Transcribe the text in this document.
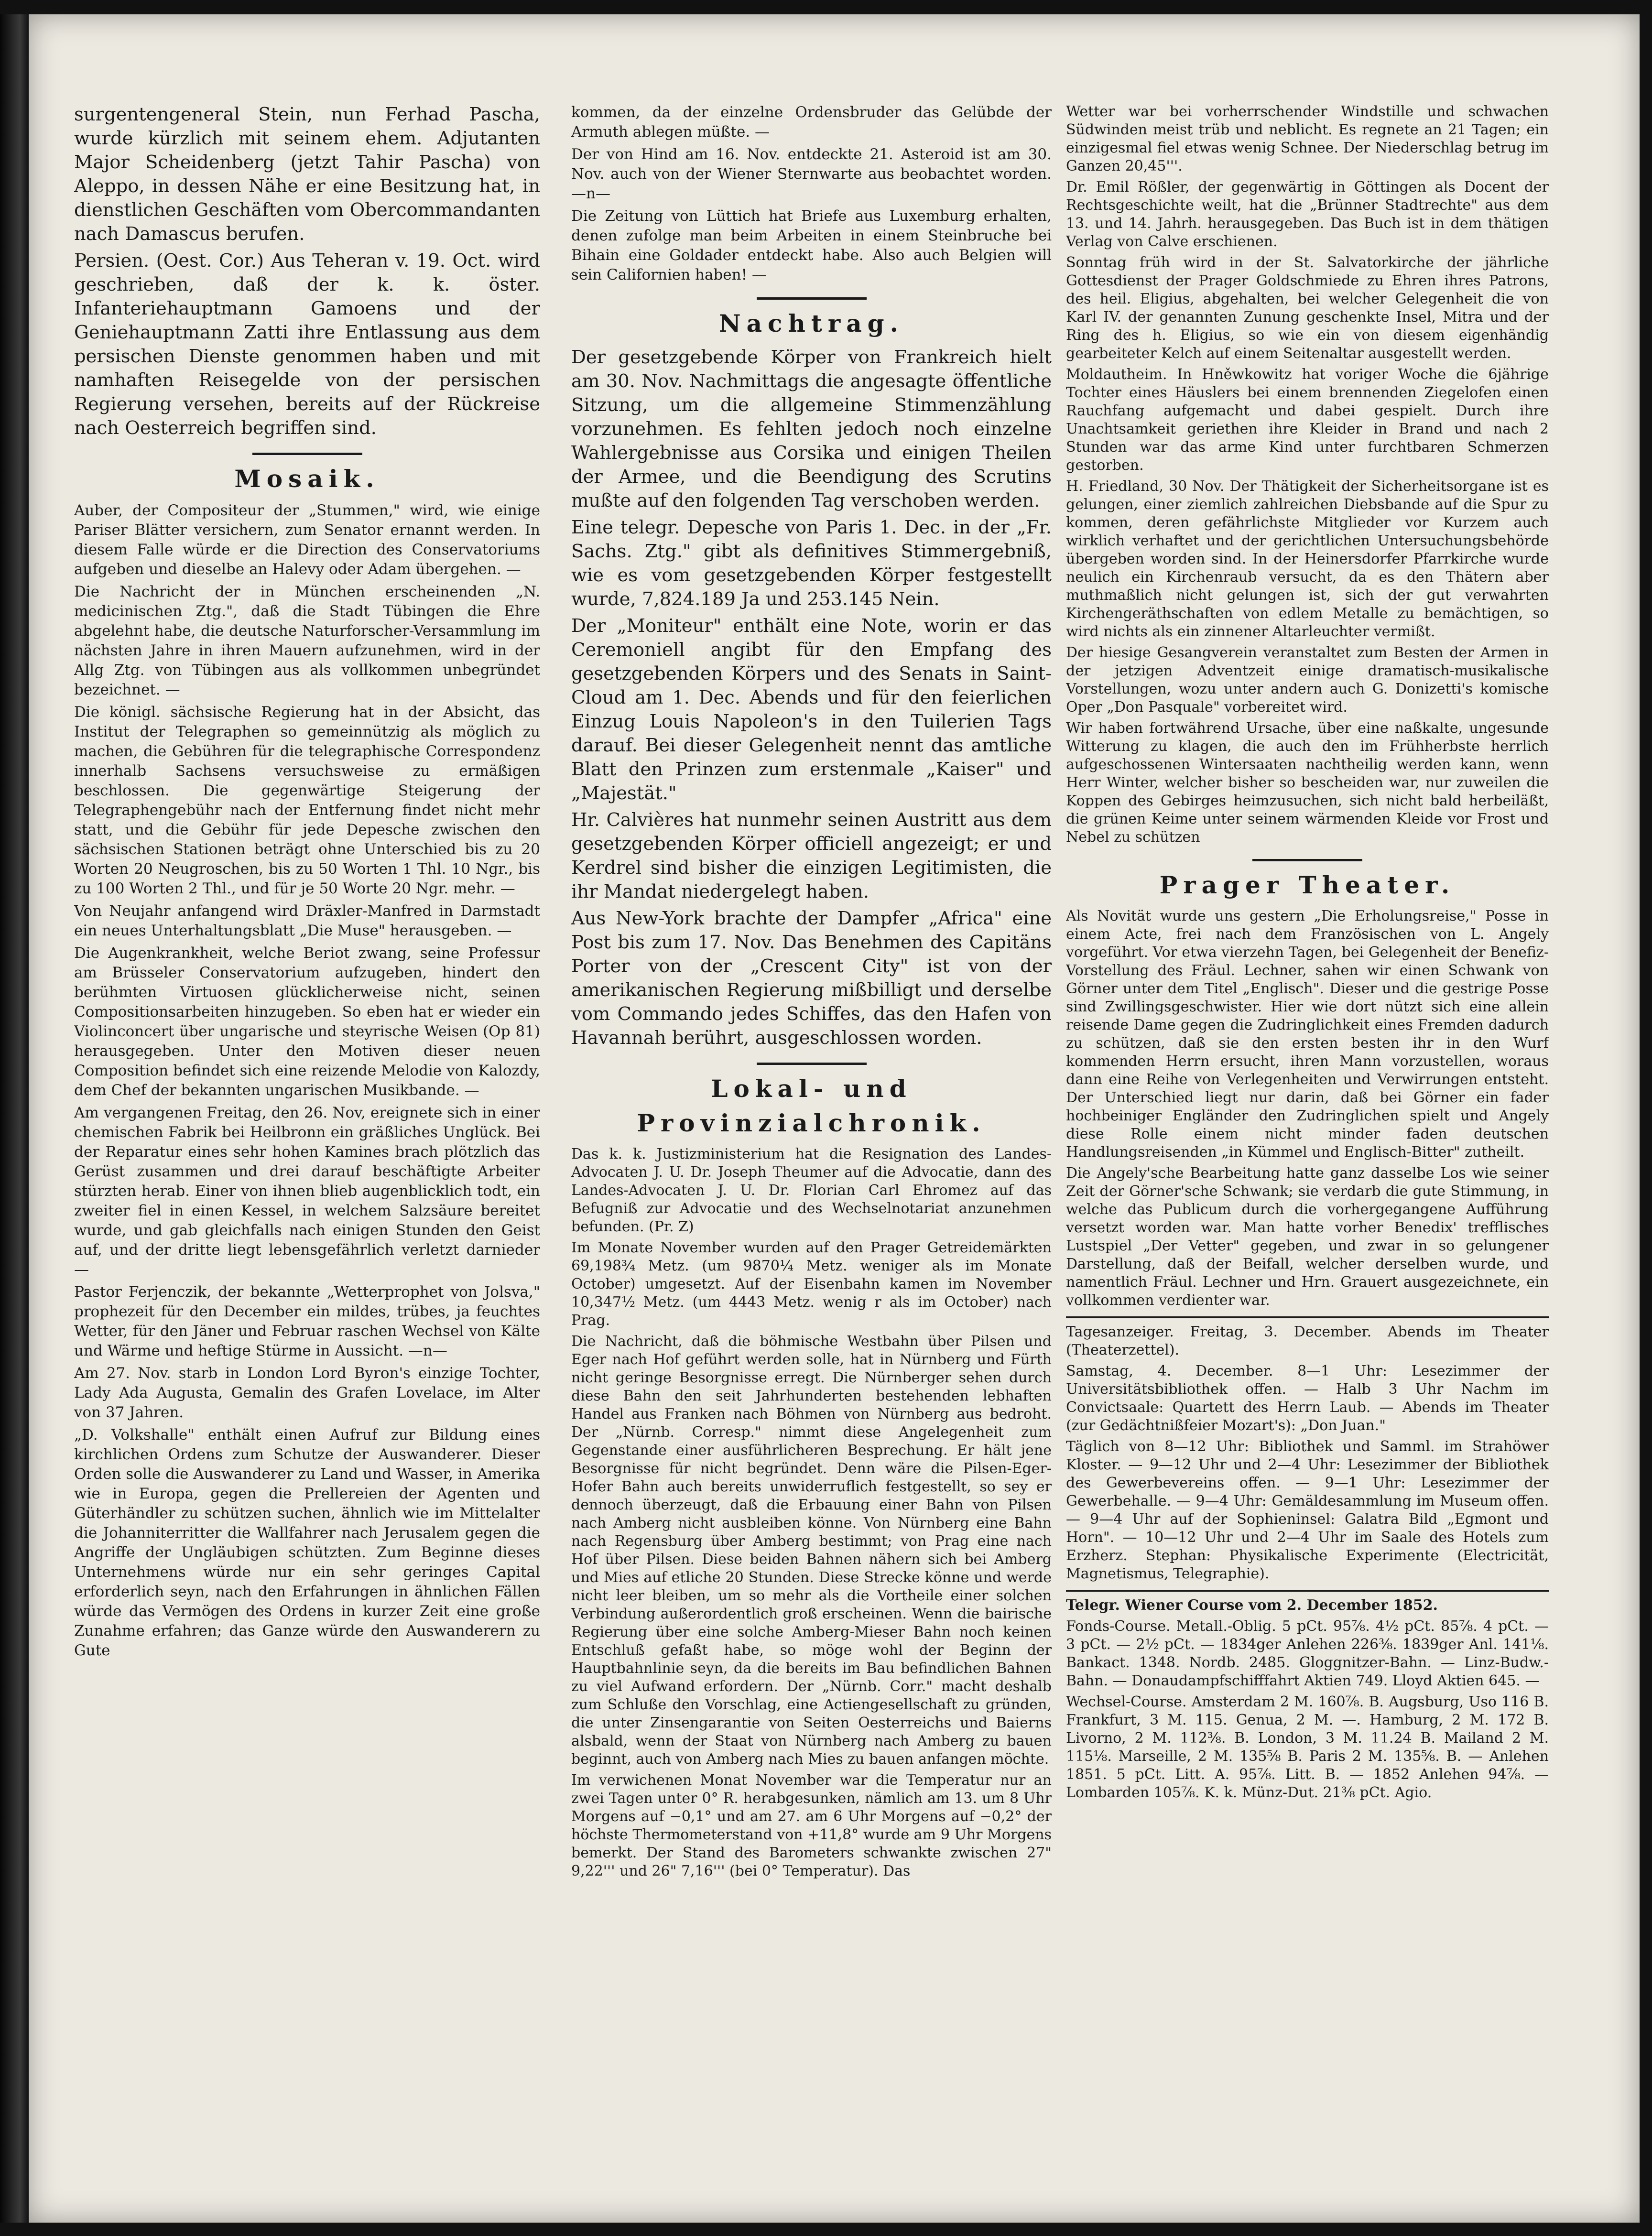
surgentengeneral Stein, nun Ferhad Pascha, wurde kürzlich mit seinem ehem. Adjutanten Major Scheidenberg (jetzt Tahir Pascha) von Aleppo, in dessen Nähe er eine Besitzung hat, in dienstlichen Geschäften vom Obercommandanten nach Damascus berufen.

Persien. (Oest. Cor.) Aus Teheran v. 19. Oct. wird geschrieben, daß der k. k. öster. Infanteriehauptmann Gamoens und der Geniehauptmann Zatti ihre Entlassung aus dem persischen Dienste genommen haben und mit namhaften Reisegelde von der persischen Regierung versehen, bereits auf der Rückreise nach Oesterreich begriffen sind.

Mosaik.

Auber, der Compositeur der „Stummen," wird, wie einige Pariser Blätter versichern, zum Senator ernannt werden. In diesem Falle würde er die Direction des Conservatoriums aufgeben und dieselbe an Halevy oder Adam übergehen. —

Die Nachricht der in München erscheinenden „N. medicinischen Ztg.", daß die Stadt Tübingen die Ehre abgelehnt habe, die deutsche Naturforscher-Versammlung im nächsten Jahre in ihren Mauern aufzunehmen, wird in der Allg Ztg. von Tübingen aus als vollkommen unbegründet bezeichnet. —

Die königl. sächsische Regierung hat in der Absicht, das Institut der Telegraphen so gemeinnützig als möglich zu machen, die Gebühren für die telegraphische Correspondenz innerhalb Sachsens versuchsweise zu ermäßigen beschlossen. Die gegenwärtige Steigerung der Telegraphengebühr nach der Entfernung findet nicht mehr statt, und die Gebühr für jede Depesche zwischen den sächsischen Stationen beträgt ohne Unterschied bis zu 20 Worten 20 Neugroschen, bis zu 50 Worten 1 Thl. 10 Ngr., bis zu 100 Worten 2 Thl., und für je 50 Worte 20 Ngr. mehr. —

Von Neujahr anfangend wird Dräxler-Manfred in Darmstadt ein neues Unterhaltungsblatt „Die Muse" herausgeben. —

Die Augenkrankheit, welche Beriot zwang, seine Professur am Brüsseler Conservatorium aufzugeben, hindert den berühmten Virtuosen glücklicherweise nicht, seinen Compositionsarbeiten hinzugeben. So eben hat er wieder ein Violinconcert über ungarische und steyrische Weisen (Op 81) herausgegeben. Unter den Motiven dieser neuen Composition befindet sich eine reizende Melodie von Kalozdy, dem Chef der bekannten ungarischen Musikbande. —

Am vergangenen Freitag, den 26. Nov, ereignete sich in einer chemischen Fabrik bei Heilbronn ein gräßliches Unglück. Bei der Reparatur eines sehr hohen Kamines brach plötzlich das Gerüst zusammen und drei darauf beschäftigte Arbeiter stürzten herab. Einer von ihnen blieb augenblicklich todt, ein zweiter fiel in einen Kessel, in welchem Salzsäure bereitet wurde, und gab gleichfalls nach einigen Stunden den Geist auf, und der dritte liegt lebensgefährlich verletzt darnieder —

Pastor Ferjenczik, der bekannte „Wetterprophet von Jolsva," prophezeit für den December ein mildes, trübes, ja feuchtes Wetter, für den Jäner und Februar raschen Wechsel von Kälte und Wärme und heftige Stürme in Aussicht. —n—

Am 27. Nov. starb in London Lord Byron's einzige Tochter, Lady Ada Augusta, Gemalin des Grafen Lovelace, im Alter von 37 Jahren.

„D. Volkshalle" enthält einen Aufruf zur Bildung eines kirchlichen Ordens zum Schutze der Auswanderer. Dieser Orden solle die Auswanderer zu Land und Wasser, in Amerika wie in Europa, gegen die Prellereien der Agenten und Güterhändler zu schützen suchen, ähnlich wie im Mittelalter die Johanniterritter die Wallfahrer nach Jerusalem gegen die Angriffe der Ungläubigen schützten. Zum Beginne dieses Unternehmens würde nur ein sehr geringes Capital erforderlich seyn, nach den Erfahrungen in ähnlichen Fällen würde das Vermögen des Ordens in kurzer Zeit eine große Zunahme erfahren; das Ganze würde den Auswanderern zu Gute

kommen, da der einzelne Ordensbruder das Gelübde der Armuth ablegen müßte. —

Der von Hind am 16. Nov. entdeckte 21. Asteroid ist am 30. Nov. auch von der Wiener Sternwarte aus beobachtet worden. —n—

Die Zeitung von Lüttich hat Briefe aus Luxemburg erhalten, denen zufolge man beim Arbeiten in einem Steinbruche bei Bihain eine Goldader entdeckt habe. Also auch Belgien will sein Californien haben! —

Nachtrag.

Der gesetzgebende Körper von Frankreich hielt am 30. Nov. Nachmittags die angesagte öffentliche Sitzung, um die allgemeine Stimmenzählung vorzunehmen. Es fehlten jedoch noch einzelne Wahlergebnisse aus Corsika und einigen Theilen der Armee, und die Beendigung des Scrutins mußte auf den folgenden Tag verschoben werden.

Eine telegr. Depesche von Paris 1. Dec. in der „Fr. Sachs. Ztg." gibt als definitives Stimmergebniß, wie es vom gesetzgebenden Körper festgestellt wurde, 7,824.189 Ja und 253.145 Nein.

Der „Moniteur" enthält eine Note, worin er das Ceremoniell angibt für den Empfang des gesetzgebenden Körpers und des Senats in Saint-Cloud am 1. Dec. Abends und für den feierlichen Einzug Louis Napoleon's in den Tuilerien Tags darauf. Bei dieser Gelegenheit nennt das amtliche Blatt den Prinzen zum erstenmale „Kaiser" und „Majestät."

Hr. Calvières hat nunmehr seinen Austritt aus dem gesetzgebenden Körper officiell angezeigt; er und Kerdrel sind bisher die einzigen Legitimisten, die ihr Mandat niedergelegt haben.

Aus New-York brachte der Dampfer „Africa" eine Post bis zum 17. Nov. Das Benehmen des Capitäns Porter von der „Crescent City" ist von der amerikanischen Regierung mißbilligt und derselbe vom Commando jedes Schiffes, das den Hafen von Havannah berührt, ausgeschlossen worden.

Lokal- und Provinzialchronik.

Das k. k. Justizministerium hat die Resignation des Landes-Advocaten J. U. Dr. Joseph Theumer auf die Advocatie, dann des Landes-Advocaten J. U. Dr. Florian Carl Ehromez auf das Befugniß zur Advocatie und des Wechselnotariat anzunehmen befunden. (Pr. Z)

Im Monate November wurden auf den Prager Getreidemärkten 69,198¾ Metz. (um 9870¼ Metz. weniger als im Monate October) umgesetzt. Auf der Eisenbahn kamen im November 10,347½ Metz. (um 4443 Metz. wenig r als im October) nach Prag.

Die Nachricht, daß die böhmische Westbahn über Pilsen und Eger nach Hof geführt werden solle, hat in Nürnberg und Fürth nicht geringe Besorgnisse erregt. Die Nürnberger sehen durch diese Bahn den seit Jahrhunderten bestehenden lebhaften Handel aus Franken nach Böhmen von Nürnberg aus bedroht. Der „Nürnb. Corresp." nimmt diese Angelegenheit zum Gegenstande einer ausführlicheren Besprechung. Er hält jene Besorgnisse für nicht begründet. Denn wäre die Pilsen-Eger-Hofer Bahn auch bereits unwiderruflich festgestellt, so sey er dennoch überzeugt, daß die Erbauung einer Bahn von Pilsen nach Amberg nicht ausbleiben könne. Von Nürnberg eine Bahn nach Regensburg über Amberg bestimmt; von Prag eine nach Hof über Pilsen. Diese beiden Bahnen nähern sich bei Amberg und Mies auf etliche 20 Stunden. Diese Strecke könne und werde nicht leer bleiben, um so mehr als die Vortheile einer solchen Verbindung außerordentlich groß erscheinen. Wenn die bairische Regierung über eine solche Amberg-Mieser Bahn noch keinen Entschluß gefaßt habe, so möge wohl der Beginn der Hauptbahnlinie seyn, da die bereits im Bau befindlichen Bahnen zu viel Aufwand erfordern. Der „Nürnb. Corr." macht deshalb zum Schluße den Vorschlag, eine Actiengesellschaft zu gründen, die unter Zinsengarantie von Seiten Oesterreichs und Baierns alsbald, wenn der Staat von Nürnberg nach Amberg zu bauen beginnt, auch von Amberg nach Mies zu bauen anfangen möchte.

Im verwichenen Monat November war die Temperatur nur an zwei Tagen unter 0° R. herabgesunken, nämlich am 13. um 8 Uhr Morgens auf −0,1° und am 27. am 6 Uhr Morgens auf −0,2° der höchste Thermometerstand von +11,8° wurde am 9 Uhr Morgens bemerkt. Der Stand des Barometers schwankte zwischen 27" 9,22''' und 26" 7,16''' (bei 0° Temperatur). Das

Wetter war bei vorherrschender Windstille und schwachen Südwinden meist trüb und neblicht. Es regnete an 21 Tagen; ein einzigesmal fiel etwas wenig Schnee. Der Niederschlag betrug im Ganzen 20,45'''.

Dr. Emil Rößler, der gegenwärtig in Göttingen als Docent der Rechtsgeschichte weilt, hat die „Brünner Stadtrechte" aus dem 13. und 14. Jahrh. herausgegeben. Das Buch ist in dem thätigen Verlag von Calve erschienen.

Sonntag früh wird in der St. Salvatorkirche der jährliche Gottesdienst der Prager Goldschmiede zu Ehren ihres Patrons, des heil. Eligius, abgehalten, bei welcher Gelegenheit die von Karl IV. der genannten Zunung geschenkte Insel, Mitra und der Ring des h. Eligius, so wie ein von diesem eigenhändig gearbeiteter Kelch auf einem Seitenaltar ausgestellt werden.

Moldautheim. In Hněwkowitz hat voriger Woche die 6jährige Tochter eines Häuslers bei einem brennenden Ziegelofen einen Rauchfang aufgemacht und dabei gespielt. Durch ihre Unachtsamkeit geriethen ihre Kleider in Brand und nach 2 Stunden war das arme Kind unter furchtbaren Schmerzen gestorben.

H. Friedland, 30 Nov. Der Thätigkeit der Sicherheitsorgane ist es gelungen, einer ziemlich zahlreichen Diebsbande auf die Spur zu kommen, deren gefährlichste Mitglieder vor Kurzem auch wirklich verhaftet und der gerichtlichen Untersuchungsbehörde übergeben worden sind. In der Heinersdorfer Pfarrkirche wurde neulich ein Kirchenraub versucht, da es den Thätern aber muthmaßlich nicht gelungen ist, sich der gut verwahrten Kirchengeräthschaften von edlem Metalle zu bemächtigen, so wird nichts als ein zinnener Altarleuchter vermißt.

Der hiesige Gesangverein veranstaltet zum Besten der Armen in der jetzigen Adventzeit einige dramatisch-musikalische Vorstellungen, wozu unter andern auch G. Donizetti's komische Oper „Don Pasquale" vorbereitet wird.

Wir haben fortwährend Ursache, über eine naßkalte, ungesunde Witterung zu klagen, die auch den im Frühherbste herrlich aufgeschossenen Wintersaaten nachtheilig werden kann, wenn Herr Winter, welcher bisher so bescheiden war, nur zuweilen die Koppen des Gebirges heimzusuchen, sich nicht bald herbeiläßt, die grünen Keime unter seinem wärmenden Kleide vor Frost und Nebel zu schützen

Prager Theater.

Als Novität wurde uns gestern „Die Erholungsreise," Posse in einem Acte, frei nach dem Französischen von L. Angely vorgeführt. Vor etwa vierzehn Tagen, bei Gelegenheit der Benefiz-Vorstellung des Fräul. Lechner, sahen wir einen Schwank von Görner unter dem Titel „Englisch". Dieser und die gestrige Posse sind Zwillingsgeschwister. Hier wie dort nützt sich eine allein reisende Dame gegen die Zudringlichkeit eines Fremden dadurch zu schützen, daß sie den ersten besten ihr in den Wurf kommenden Herrn ersucht, ihren Mann vorzustellen, woraus dann eine Reihe von Verlegenheiten und Verwirrungen entsteht. Der Unterschied liegt nur darin, daß bei Görner ein fader hochbeiniger Engländer den Zudringlichen spielt und Angely diese Rolle einem nicht minder faden deutschen Handlungsreisenden „in Kümmel und Englisch-Bitter" zutheilt.

Die Angely'sche Bearbeitung hatte ganz dasselbe Los wie seiner Zeit der Görner'sche Schwank; sie verdarb die gute Stimmung, in welche das Publicum durch die vorhergegangene Aufführung versetzt worden war. Man hatte vorher Benedix' trefflisches Lustspiel „Der Vetter" gegeben, und zwar in so gelungener Darstellung, daß der Beifall, welcher derselben wurde, und namentlich Fräul. Lechner und Hrn. Grauert ausgezeichnete, ein vollkommen verdienter war.

Tagesanzeiger. Freitag, 3. December. Abends im Theater (Theaterzettel).

Samstag, 4. December. 8—1 Uhr: Lesezimmer der Universitätsbibliothek offen. — Halb 3 Uhr Nachm im Convictsaale: Quartett des Herrn Laub. — Abends im Theater (zur Gedächtnißfeier Mozart's): „Don Juan."

Täglich von 8—12 Uhr: Bibliothek und Samml. im Strahöwer Kloster. — 9—12 Uhr und 2—4 Uhr: Lesezimmer der Bibliothek des Gewerbevereins offen. — 9—1 Uhr: Lesezimmer der Gewerbehalle. — 9—4 Uhr: Gemäldesammlung im Museum offen. — 9—4 Uhr auf der Sophieninsel: Galatra Bild „Egmont und Horn". — 10—12 Uhr und 2—4 Uhr im Saale des Hotels zum Erzherz. Stephan: Physikalische Experimente (Electricität, Magnetismus, Telegraphie).

Telegr. Wiener Course vom 2. December 1852.

Fonds-Course. Metall.-Oblig. 5 pCt. 95⅞. 4½ pCt. 85⅞. 4 pCt. — 3 pCt. — 2½ pCt. — 1834ger Anlehen 226⅜. 1839ger Anl. 141⅛. Bankact. 1348. Nordb. 2485. Gloggnitzer-Bahn. — Linz-Budw.-Bahn. — Donaudampfschifffahrt Aktien 749. Lloyd Aktien 645. —

Wechsel-Course. Amsterdam 2 M. 160⅞. B. Augsburg, Uso 116 B. Frankfurt, 3 M. 115. Genua, 2 M. —. Hamburg, 2 M. 172 B. Livorno, 2 M. 112⅜. B. London, 3 M. 11.24 B. Mailand 2 M. 115⅛. Marseille, 2 M. 135⅝ B. Paris 2 M. 135⅝. B. — Anlehen 1851. 5 pCt. Litt. A. 95⅞. Litt. B. — 1852 Anlehen 94⅞. — Lombarden 105⅞. K. k. Münz-Dut. 21⅜ pCt. Agio.
